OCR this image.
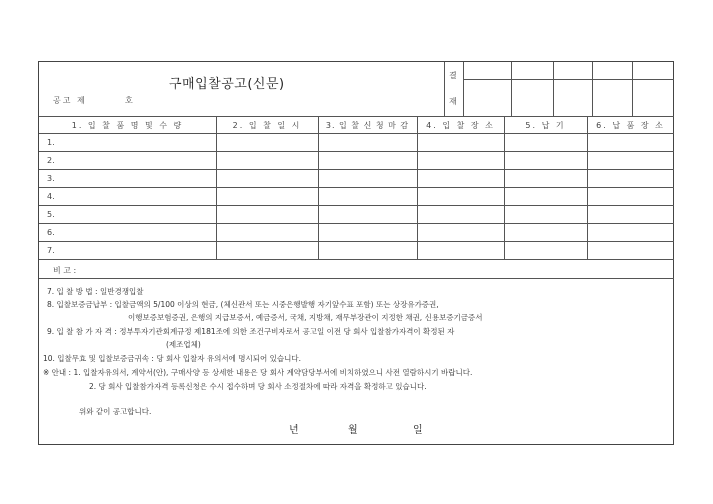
구매입찰공고(신문)
공고 제	호
결
재
1. 입 찰 품 명 및 수 량	2. 입 찰 일 시	3. 입 찰 신 청 마 감	4. 입 찰 장 소	5. 납 기	6. 납 품 장 소
1.
2.
3.
4.
5.
6.
7.
비 고 :
7. 입 찰 방 법 : 일반경쟁입찰
8. 입찰보증금납부 : 입찰금액의 5/100 이상의 현금, (체신관서 또는 시중은행발행 자기앞수표 포함) 또는 상장유가증권,
이행보증보험증권, 은행의 지급보증서, 예금증서, 국채, 지방채, 재무부장관이 지정한 채권, 신용보증기금증서
9. 입 찰 참 가 자 격 : 정부투자기관회계규정 제181조에 의한 조건구비자로서 공고일 이전 당 회사 입찰참가자격이 확정된 자
(제조업체)
10. 입찰무효 및 입찰보증금귀속 : 당 회사 입찰자 유의서에 명시되어 있습니다.
※ 안내 : 1. 입찰자유의서, 계약서(안), 구매사양 등 상세한 내용은 당 회사 계약담당부서에 비치하였으니 사전 열람하시기 바랍니다.
2. 당 회사 입찰참가자격 등록신청은 수시 접수하며 당 회사 소정절차에 따라 자격을 확정하고 있습니다.
위와 같이 공고합니다.
년	월	일
